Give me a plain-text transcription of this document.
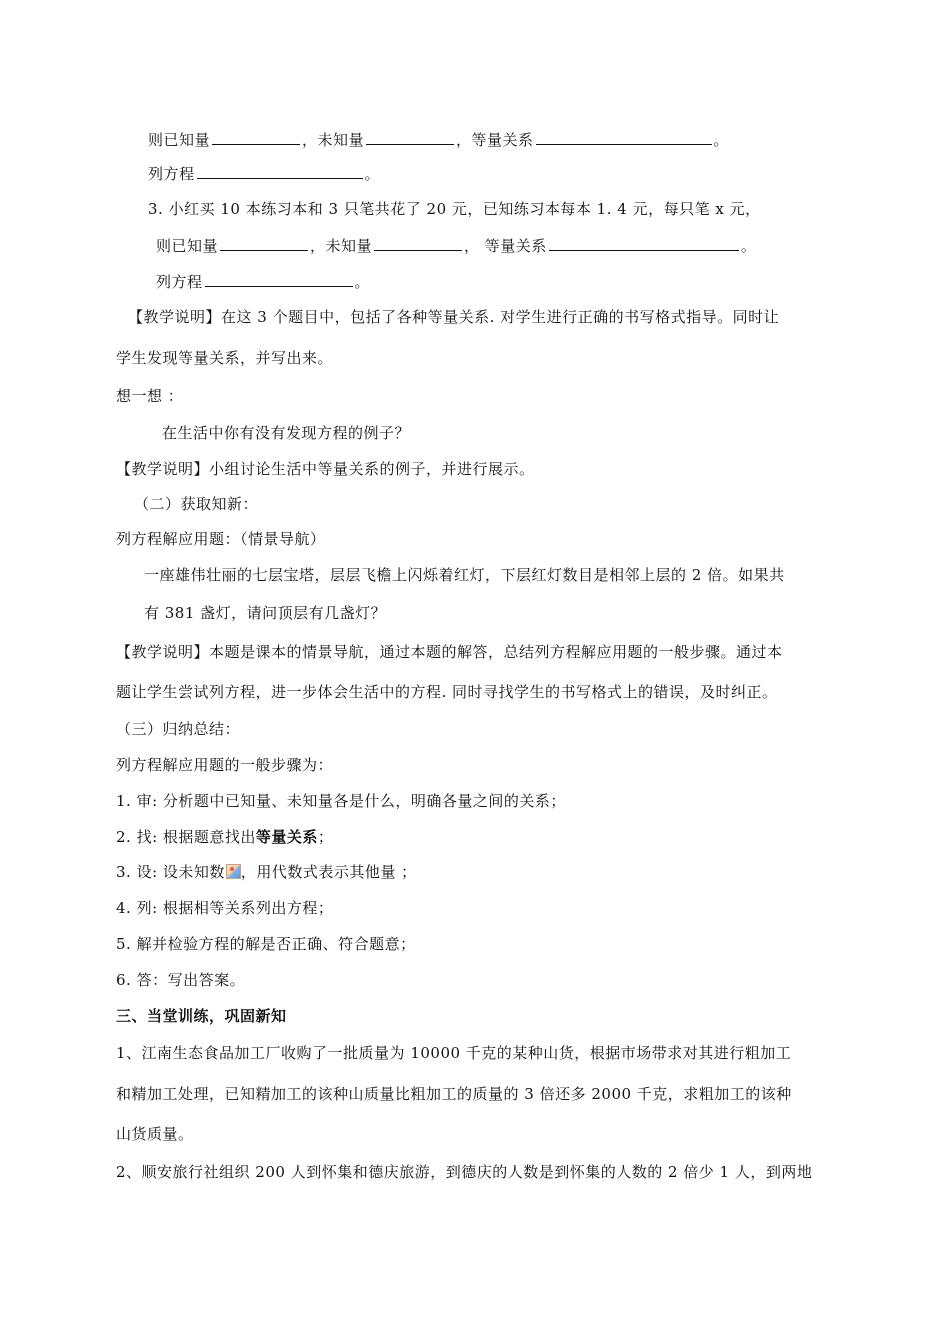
则已知量	，未知量	，等量关系	。
列方程	。
3. 小红买 10 本练习本和 3 只笔共花了 20 元，已知练习本每本 1. 4 元，每只笔 x 元，
则已知量	，未知量	， 等量关系	。
列方程	。
【教学说明】在这 3 个题目中，包括了各种等量关系. 对学生进行正确的书写格式指导。同时让
学生发现等量关系，并写出来。
想一想 ：
在生活中你有没有发现方程的例子？
【教学说明】小组讨论生活中等量关系的例子，并进行展示。
（二）获取知新：
列方程解应用题：（情景导航）
一座雄伟壮丽的七层宝塔，层层飞檐上闪烁着红灯，下层红灯数目是相邻上层的 2 倍。如果共
有 381 盏灯，请问顶层有几盏灯？
【教学说明】本题是课本的情景导航，通过本题的解答，总结列方程解应用题的一般步骤。通过本
题让学生尝试列方程，进一步体会生活中的方程. 同时寻找学生的书写格式上的错误，及时纠正。
（三）归纳总结：
列方程解应用题的一般步骤为：
1. 审: 分析题中已知量、未知量各是什么，明确各量之间的关系；
2. 找: 根据题意找出等量关系；
3. 设: 设未知数 ，用代数式表示其他量 ；
4. 列: 根据相等关系列出方程；
5. 解并检验方程的解是否正确、符合题意；
6. 答：写出答案。
三、当堂训练，巩固新知
1、江南生态食品加工厂收购了一批质量为 10000 千克的某种山货，根据市场带求对其进行粗加工
和精加工处理，已知精加工的该种山质量比粗加工的质量的 3 倍还多 2000 千克，求粗加工的该种
山货质量。
2、顺安旅行社组织 200 人到怀集和德庆旅游，到德庆的人数是到怀集的人数的 2 倍少 1 人，到两地
